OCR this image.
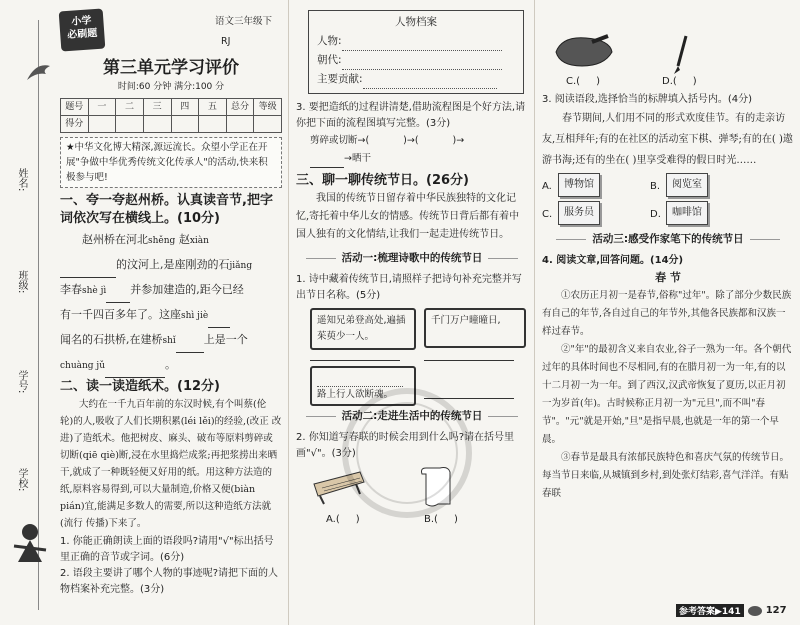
姓名:
班级:
学号:
学校:
小学
必刷题
语文三年级下 RJ
第三单元学习评价
时间:60 分钟 满分:100 分
题号	一	二	三	四	五	总分	等级
得分							
★中华文化博大精深,源远流长。众望小学正在开展"争做中华优秀传统文化传承人"的活动,快来积极参与吧!
一、夸一夸赵州桥。认真读音节,把字词依次写在横线上。(10分)
赵州桥在河北shěng 赵xiàn
的汶河上,是座刚劲的石jiǎng
李春shè jì 并参加建造的,距今已经
有一千四百多年了。这座shì jiè
闻名的石拱桥,在建桥shǐ	上是一个
chuàng jǔ	。
二、读一读造纸术。(12分)
大约在一千九百年前的东汉时候,有个叫蔡(伦 轮)的人,吸收了人们长期积累(léi lěi)的经验,(改正 改进)了造纸术。他把树皮、麻头、破布等原料剪碎或切断(qiē qiè)断,浸在水里捣烂成浆;再把浆捞出来晒干,就成了一种既轻便又好用的纸。用这种方法造的纸,原料容易得到,可以大量制造,价格又便(biàn pián)宜,能满足多数人的需要,所以这种造纸方法就(流行 传播)下来了。
1. 你能正确朗读上面的语段吗?请用"√"标出括号里正确的音节或字词。(6分)
2. 语段主要讲了哪个人物的事迹呢?请把下面的人物档案补充完整。(3分)
人物档案
人物:
朝代:
主要贡献:
3. 要把造纸的过程讲清楚,借助流程图是个好方法,请你把下面的流程图填写完整。(3分)
剪碎或切断→(	)→(	)→
→晒干
三、聊一聊传统节日。(26分)
我国的传统节日留存着中华民族独特的文化记忆,寄托着中华儿女的情感。传统节日背后都有着中国人独有的文化情结,让我们一起走进传统节日。
活动一:梳理诗歌中的传统节日
1. 诗中藏着传统节日,请照样子把诗句补充完整并写出节日名称。(5分)
遥知兄弟登高处,遍插茱萸少一人。
千门万户曈曈日,
路上行人欲断魂。
活动二:走进生活中的传统节日
2. 你知道写春联的时候会用到什么吗?请在括号里画"√"。(3分)
A.( )	B.( )
C.( )	D.( )
3. 阅读语段,选择恰当的标牌填入括号内。(4分)
春节期间,人们用不同的形式欢度佳节。有的走亲访友,互相拜年;有的在社区的活动室下棋、弹琴;有的在( )遨游书海;还有的坐在( )里享受难得的假日时光……
A.	博物馆	B.	阅览室
C.	服务员	D.	咖啡馆
活动三:感受作家笔下的传统节日
4. 阅读文章,回答问题。(14分)
春 节
①农历正月初一是春节,俗称"过年"。除了部分少数民族有自己的年节,各自过自己的年节外,其他各民族都和汉族一样过春节。
②"年"的最初含义来自农业,谷子一熟为一年。各个朝代过年的具体时间也不尽相同,有的在腊月初一为一年,有的以十二月初一为一年。到了西汉,汉武帝恢复了夏历,以正月初一为岁首(年)。古时候称正月初一为"元旦",而不叫"春节"。"元"就是开始,"旦"是指早晨,也就是一年的第一个早晨。
③春节是最具有浓郁民族特色和喜庆气氛的传统节日。每当节日来临,从城镇到乡村,到处张灯结彩,喜气洋洋。有贴春联
参考答案▶141	127
